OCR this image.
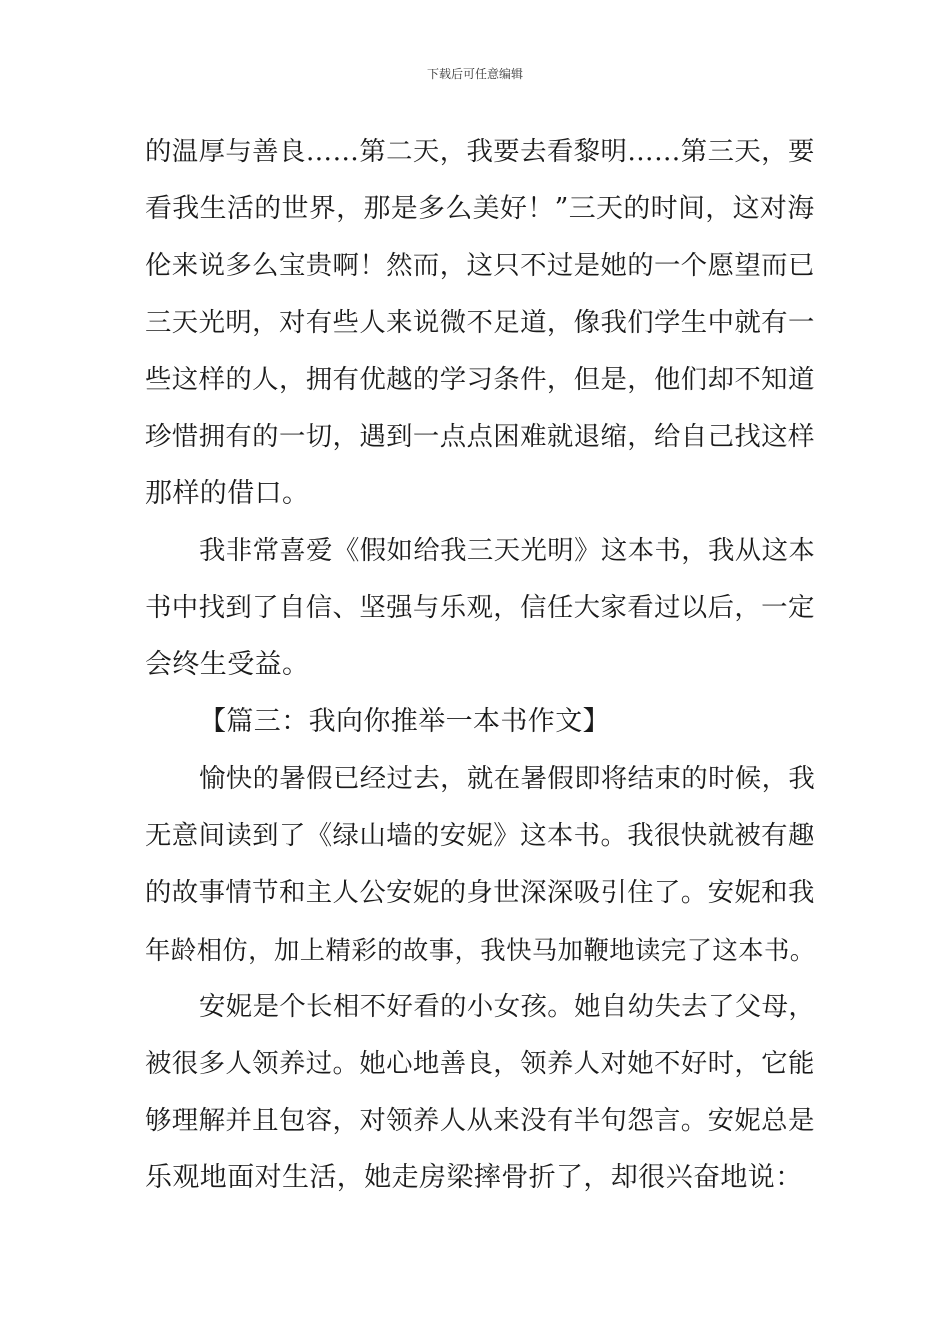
下载后可任意编辑
的温厚与善良……第二天，我要去看黎明……第三天，要
看我生活的世界，那是多么美好！”三天的时间，这对海
伦来说多么宝贵啊！然而，这只不过是她的一个愿望而已
三天光明，对有些人来说微不足道，像我们学生中就有一
些这样的人，拥有优越的学习条件，但是，他们却不知道
珍惜拥有的一切，遇到一点点困难就退缩，给自己找这样
那样的借口。
我非常喜爱《假如给我三天光明》这本书，我从这本
书中找到了自信、坚强与乐观，信任大家看过以后，一定
会终生受益。
【篇三：我向你推举一本书作文】
愉快的暑假已经过去，就在暑假即将结束的时候，我
无意间读到了《绿山墙的安妮》这本书。我很快就被有趣
的故事情节和主人公安妮的身世深深吸引住了。安妮和我
年龄相仿，加上精彩的故事，我快马加鞭地读完了这本书。
安妮是个长相不好看的小女孩。她自幼失去了父母，
被很多人领养过。她心地善良，领养人对她不好时，它能
够理解并且包容，对领养人从来没有半句怨言。安妮总是
乐观地面对生活，她走房梁摔骨折了，却很兴奋地说：
